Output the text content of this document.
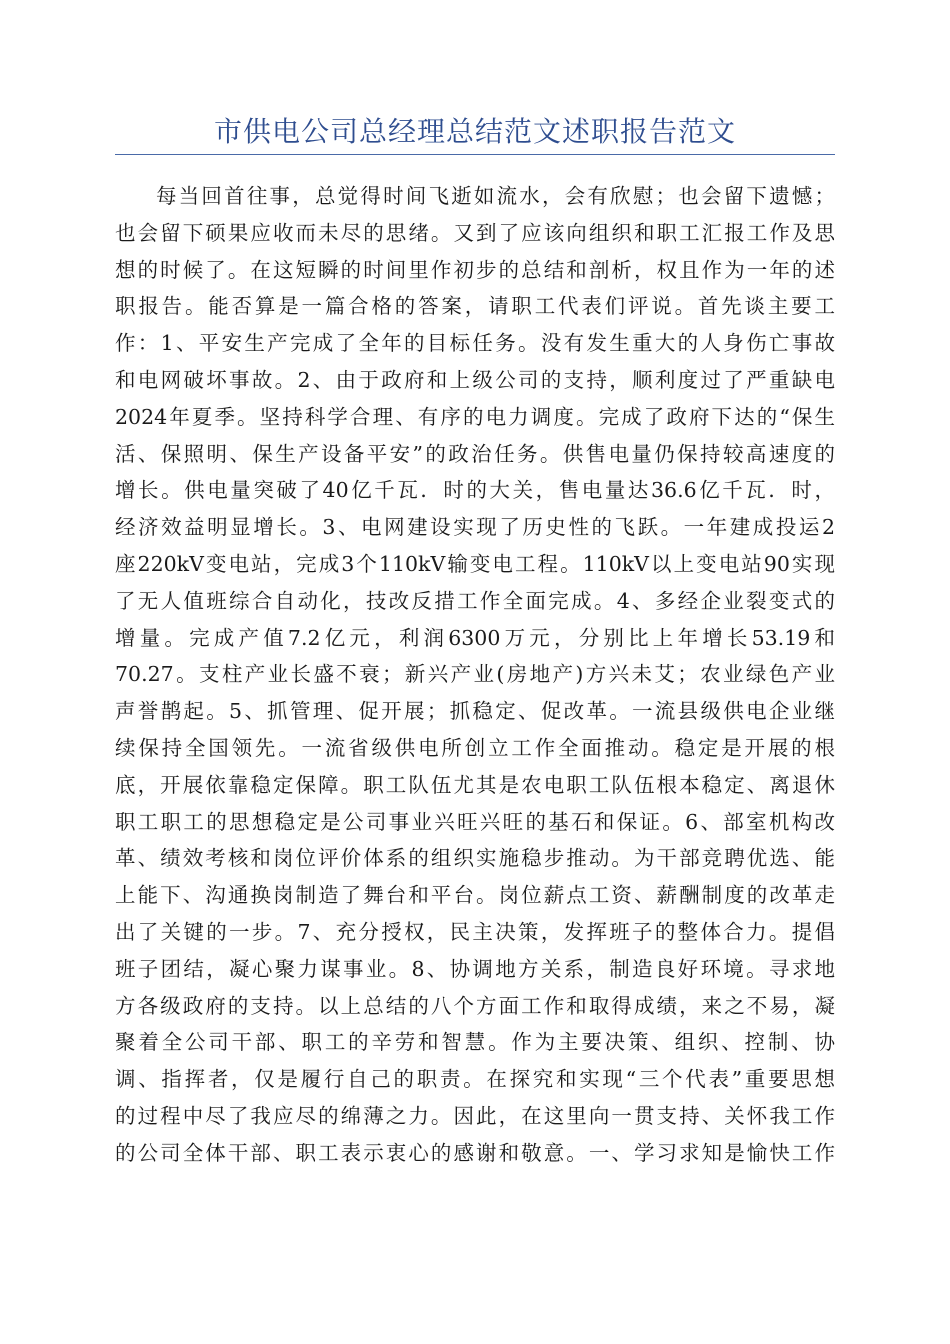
市供电公司总经理总结范文述职报告范文
每当回首往事，总觉得时间飞逝如流水，会有欣慰；也会留下遗憾；
也会留下硕果应收而未尽的思绪。又到了应该向组织和职工汇报工作及思
想的时候了。在这短瞬的时间里作初步的总结和剖析，权且作为一年的述
职报告。能否算是一篇合格的答案，请职工代表们评说。首先谈主要工
作：1、平安生产完成了全年的目标任务。没有发生重大的人身伤亡事故
和电网破坏事故。2、由于政府和上级公司的支持，顺利度过了严重缺电
2024年夏季。坚持科学合理、有序的电力调度。完成了政府下达的“保生
活、保照明、保生产设备平安”的政治任务。供售电量仍保持较高速度的
增长。供电量突破了40亿千瓦．时的大关，售电量达36.6亿千瓦．时，
经济效益明显增长。3、电网建设实现了历史性的飞跃。一年建成投运2
座220kV变电站，完成3个110kV输变电工程。110kV以上变电站90实现
了无人值班综合自动化，技改反措工作全面完成。4、多经企业裂变式的
增量。完成产值7.2亿元，利润6300万元，分别比上年增长53.19和
70.27。支柱产业长盛不衰；新兴产业(房地产)方兴未艾；农业绿色产业
声誉鹊起。5、抓管理、促开展；抓稳定、促改革。一流县级供电企业继
续保持全国领先。一流省级供电所创立工作全面推动。稳定是开展的根
底，开展依靠稳定保障。职工队伍尤其是农电职工队伍根本稳定、离退休
职工职工的思想稳定是公司事业兴旺兴旺的基石和保证。6、部室机构改
革、绩效考核和岗位评价体系的组织实施稳步推动。为干部竞聘优选、能
上能下、沟通换岗制造了舞台和平台。岗位薪点工资、薪酬制度的改革走
出了关键的一步。7、充分授权，民主决策，发挥班子的整体合力。提倡
班子团结，凝心聚力谋事业。8、协调地方关系，制造良好环境。寻求地
方各级政府的支持。以上总结的八个方面工作和取得成绩，来之不易，凝
聚着全公司干部、职工的辛劳和智慧。作为主要决策、组织、控制、协
调、指挥者，仅是履行自己的职责。在探究和实现“三个代表”重要思想
的过程中尽了我应尽的绵薄之力。因此，在这里向一贯支持、关怀我工作
的公司全体干部、职工表示衷心的感谢和敬意。一、学习求知是愉快工作
